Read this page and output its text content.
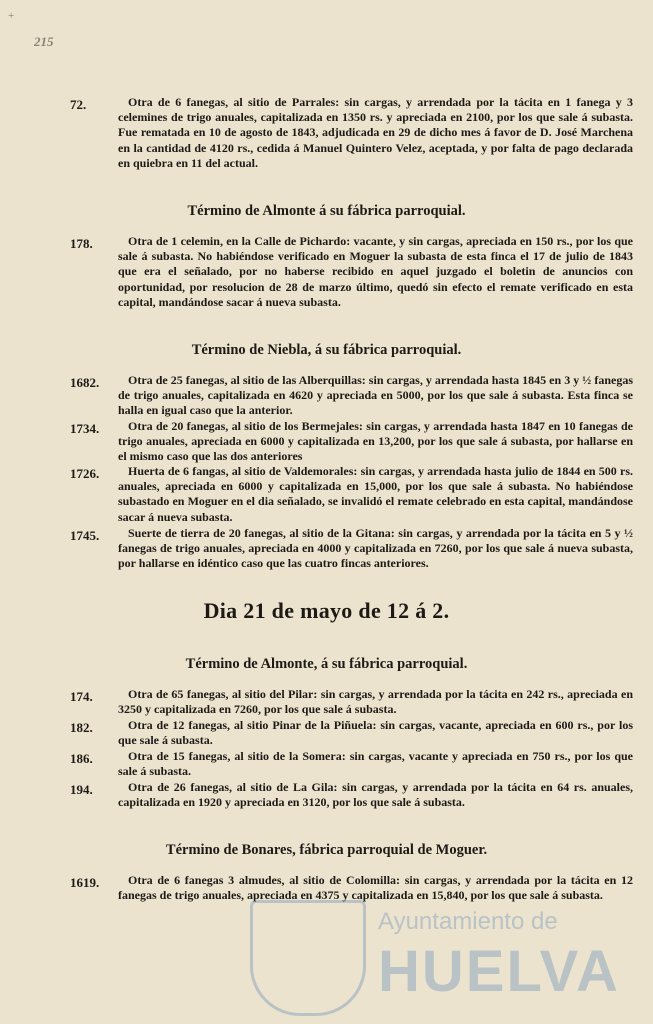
+
215
72.	Otra de 6 fanegas, al sitio de Parrales: sin cargas, y arrendada por la tácita en 1 fanega y 3 celemines de trigo anuales, capitalizada en 1350 rs. y apreciada en 2100, por los que sale á subasta. Fue rematada en 10 de agosto de 1843, adjudicada en 29 de dicho mes á favor de D. José Marchena en la cantidad de 4120 rs., cedida á Manuel Quintero Velez, aceptada, y por falta de pago declarada en quiebra en 11 del actual.
Término de Almonte á su fábrica parroquial.
178.	Otra de 1 celemin, en la Calle de Pichardo: vacante, y sin cargas, apreciada en 150 rs., por los que sale á subasta. No habiéndose verificado en Moguer la subasta de esta finca el 17 de julio de 1843 que era el señalado, por no haberse recibido en aquel juzgado el boletin de anuncios con oportunidad, por resolucion de 28 de marzo último, quedó sin efecto el remate verificado en esta capital, mandándose sacar á nueva subasta.
Término de Niebla, á su fábrica parroquial.
1682.	Otra de 25 fanegas, al sitio de las Alberquillas: sin cargas, y arrendada hasta 1845 en 3 y ½ fanegas de trigo anuales, capitalizada en 4620 y apreciada en 5000, por los que sale á subasta. Esta finca se halla en igual caso que la anterior.
1734.	Otra de 20 fanegas, al sitio de los Bermejales: sin cargas, y arrendada hasta 1847 en 10 fanegas de trigo anuales, apreciada en 6000 y capitalizada en 13,200, por los que sale á subasta, por hallarse en el mismo caso que las dos anteriores
1726.	Huerta de 6 fangas, al sitio de Valdemorales: sin cargas, y arrendada hasta julio de 1844 en 500 rs. anuales, apreciada en 6000 y capitalizada en 15,000, por los que sale á subasta. No habiéndose subastado en Moguer en el dia señalado, se invalidó el remate celebrado en esta capital, mandándose sacar á nueva subasta.
1745.	Suerte de tierra de 20 fanegas, al sitio de la Gitana: sin cargas, y arrendada por la tácita en 5 y ½ fanegas de trigo anuales, apreciada en 4000 y capitalizada en 7260, por los que sale á nueva subasta, por hallarse en idéntico caso que las cuatro fincas anteriores.
Dia 21 de mayo de 12 á 2.
Término de Almonte, á su fábrica parroquial.
174.	Otra de 65 fanegas, al sitio del Pilar: sin cargas, y arrendada por la tácita en 242 rs., apreciada en 3250 y capitalizada en 7260, por los que sale á subasta.
182.	Otra de 12 fanegas, al sitio Pinar de la Piñuela: sin cargas, vacante, apreciada en 600 rs., por los que sale á subasta.
186.	Otra de 15 fanegas, al sitio de la Somera: sin cargas, vacante y apreciada en 750 rs., por los que sale á subasta.
194.	Otra de 26 fanegas, al sitio de La Gila: sin cargas, y arrendada por la tácita en 64 rs. anuales, capitalizada en 1920 y apreciada en 3120, por los que sale á subasta.
Término de Bonares, fábrica parroquial de Moguer.
1619.	Otra de 6 fanegas 3 almudes, al sitio de Colomilla: sin cargas, y arrendada por la tácita en 12 fanegas de trigo anuales, apreciada en 4375 y capitalizada en 15,840, por los que sale á subasta.
Ayuntamiento de
HUELVA
